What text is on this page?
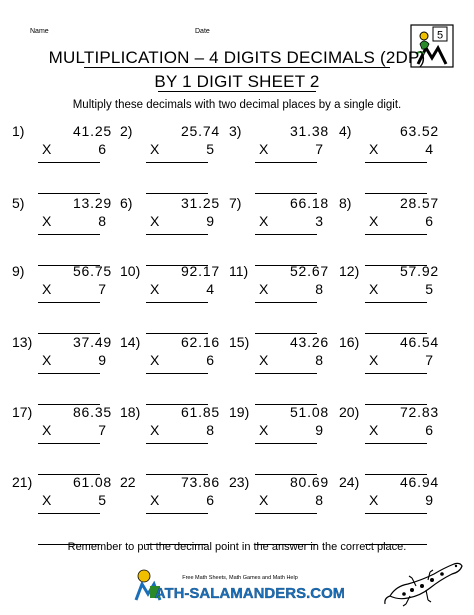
Name	Date	5
MULTIPLICATION – 4 DIGITS DECIMALS (2DP)
BY 1 DIGIT SHEET 2
Multiply these decimals with two decimal places by a single digit.
1)	41.25
X	6
2)	25.74
X	5
3)	31.38
X	7
4)	63.52
X	4
5)	13.29
X	8
6)	31.25
X	9
7)	66.18
X	3
8)	28.57
X	6
9)	56.75
X	7
10)	92.17
X	4
11)	52.67
X	8
12)	57.92
X	5
13)	37.49
X	9
14)	62.16
X	6
15)	43.26
X	8
16)	46.54
X	7
17)	86.35
X	7
18)	61.85
X	8
19)	51.08
X	9
20)	72.83
X	6
21)	61.08
X	5
22	73.86
X	6
23)	80.69
X	8
24)	46.94
X	9
Remember to put the decimal point in the answer in the correct place.
Free Math Sheets, Math Games and Math Help
ATH-SALAMANDERS.COM
